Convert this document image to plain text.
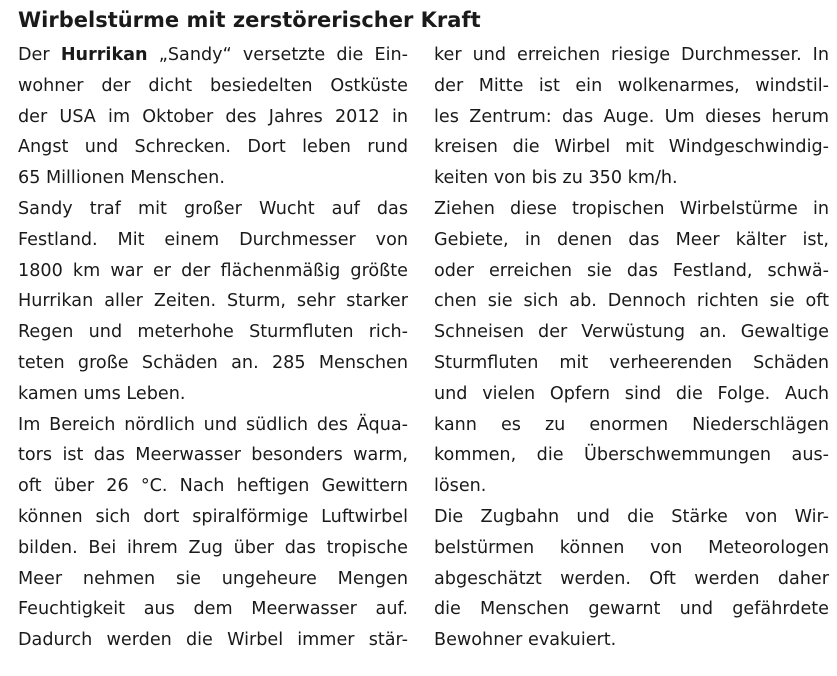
Wirbelstürme mit zerstörerischer Kraft
Der Hurrikan „Sandy“ versetzte die Ein-
wohner der dicht besiedelten Ostküste
der USA im Oktober des Jahres 2012 in
Angst und Schrecken. Dort leben rund
65 Millionen Menschen.
Sandy traf mit großer Wucht auf das
Festland. Mit einem Durchmesser von
1800 km war er der flächenmäßig größte
Hurrikan aller Zeiten. Sturm, sehr starker
Regen und meterhohe Sturmfluten rich-
teten große Schäden an. 285 Menschen
kamen ums Leben.
Im Bereich nördlich und südlich des Äqua-
tors ist das Meerwasser besonders warm,
oft über 26 °C. Nach heftigen Gewittern
können sich dort spiralförmige Luftwirbel
bilden. Bei ihrem Zug über das tropische
Meer nehmen sie ungeheure Mengen
Feuchtigkeit aus dem Meerwasser auf.
Dadurch werden die Wirbel immer stär-
ker und erreichen riesige Durchmesser. In
der Mitte ist ein wolkenarmes, windstil-
les Zentrum: das Auge. Um dieses herum
kreisen die Wirbel mit Windgeschwindig-
keiten von bis zu 350 km/h.
Ziehen diese tropischen Wirbelstürme in
Gebiete, in denen das Meer kälter ist,
oder erreichen sie das Festland, schwä-
chen sie sich ab. Dennoch richten sie oft
Schneisen der Verwüstung an. Gewaltige
Sturmfluten mit verheerenden Schäden
und vielen Opfern sind die Folge. Auch
kann es zu enormen Niederschlägen
kommen, die Überschwemmungen aus-
lösen.
Die Zugbahn und die Stärke von Wir-
belstürmen können von Meteorologen
abgeschätzt werden. Oft werden daher
die Menschen gewarnt und gefährdete
Bewohner evakuiert.
